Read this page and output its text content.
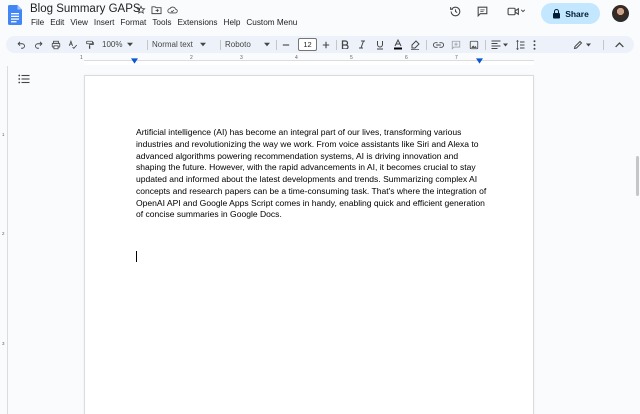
Blog Summary GAPS
File Edit View Insert Format Tools Extensions Help Custom Menu
Share
100%	Normal text	Roboto	12
1	2	3	4	5	6	7
1
2
3
Artificial intelligence (AI) has become an integral part of our lives, transforming various industries and revolutionizing the way we work. From voice assistants like Siri and Alexa to advanced algorithms powering recommendation systems, AI is driving innovation and shaping the future. However, with the rapid advancements in AI, it becomes crucial to stay updated and informed about the latest developments and trends. Summarizing complex AI concepts and research papers can be a time-consuming task. That's where the integration of OpenAI API and Google Apps Script comes in handy, enabling quick and efficient generation of concise summaries in Google Docs.
